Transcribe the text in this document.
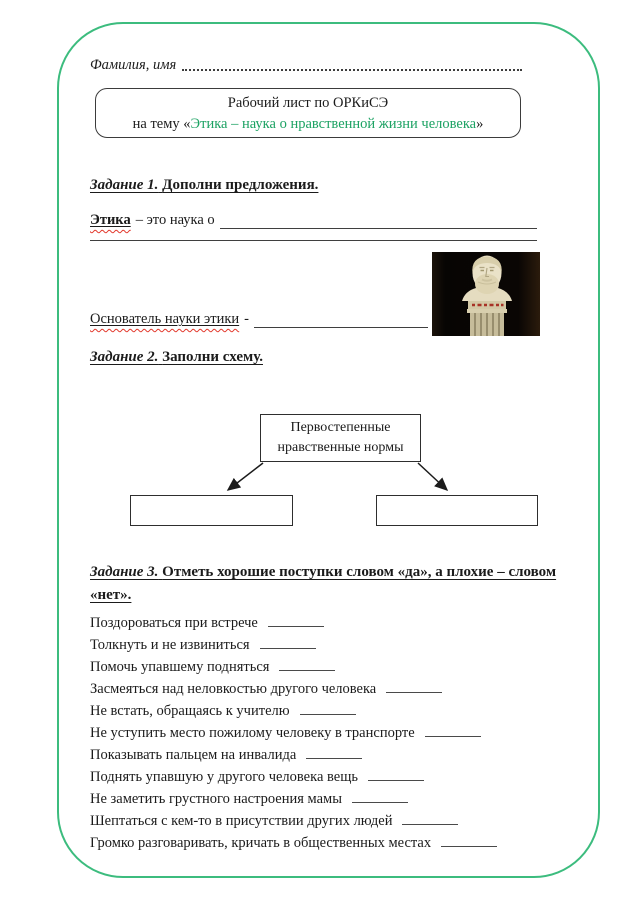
Фамилия, имя
Рабочий лист по ОРКиСЭ
на тему «Этика – наука о нравственной жизни человека»
Задание 1. Дополни предложения.
Этика – это наука о
Основатель науки этики -
Задание 2. Заполни схему.
Первостепенные
нравственные нормы
Задание 3. Отметь хорошие поступки словом «да», а плохие – словом
«нет».
Поздороваться при встрече
Толкнуть и не извиниться
Помочь упавшему подняться
Засмеяться над неловкостью другого человека
Не встать, обращаясь к учителю
Не уступить место пожилому человеку в транспорте
Показывать пальцем на инвалида
Поднять упавшую у другого человека вещь
Не заметить грустного настроения мамы
Шептаться с кем-то в присутствии других людей
Громко разговаривать, кричать в общественных местах
